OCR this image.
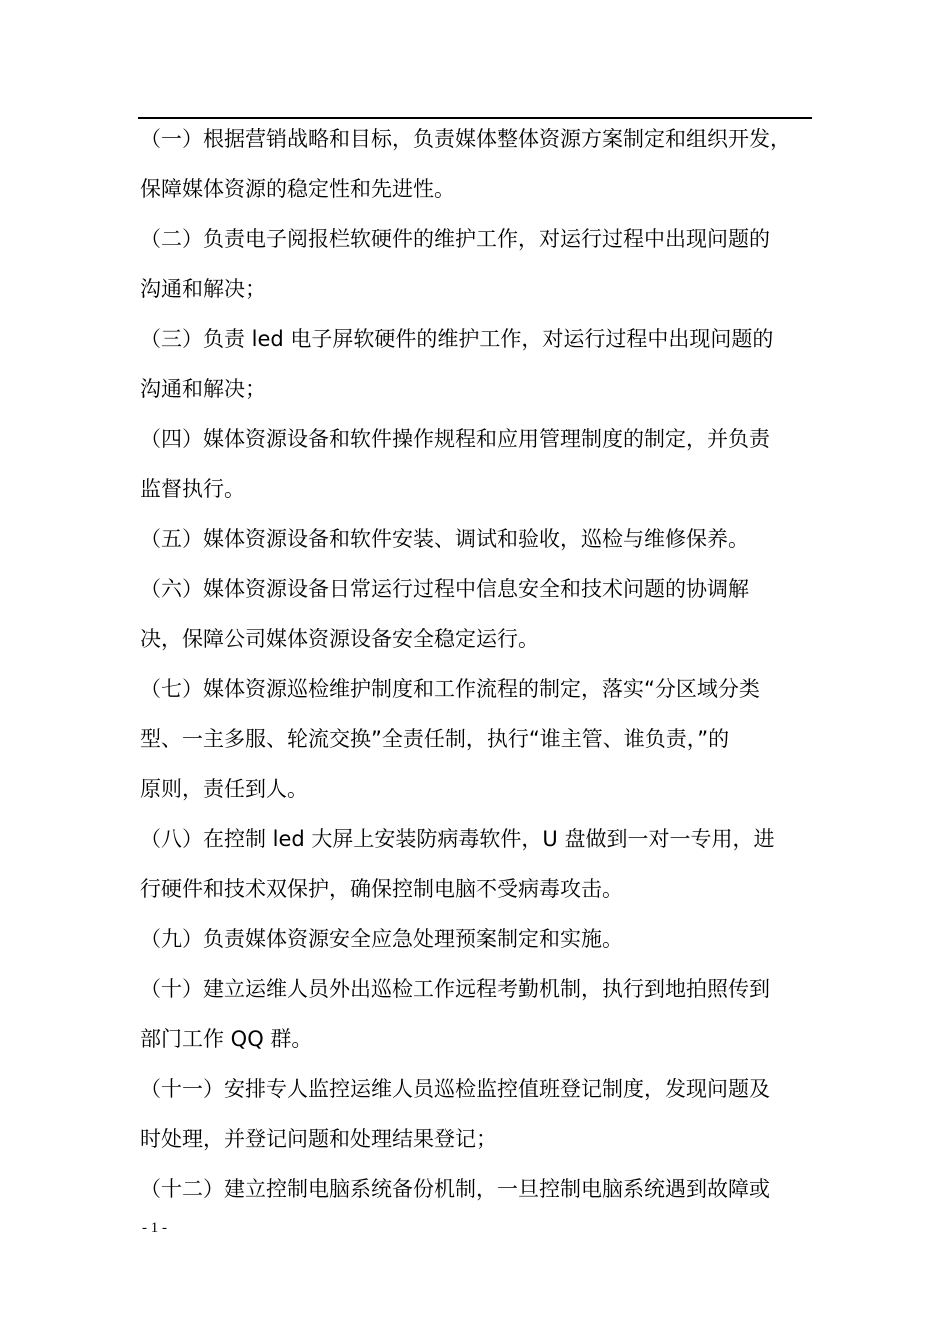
（一）根据营销战略和目标，负责媒体整体资源方案制定和组织开发，
保障媒体资源的稳定性和先进性。
（二）负责电子阅报栏软硬件的维护工作，对运行过程中出现问题的
沟通和解决；
（三）负责 led 电子屏软硬件的维护工作，对运行过程中出现问题的
沟通和解决；
（四）媒体资源设备和软件操作规程和应用管理制度的制定，并负责
监督执行。
（五）媒体资源设备和软件安装、调试和验收，巡检与维修保养。
（六）媒体资源设备日常运行过程中信息安全和技术问题的协调解
决，保障公司媒体资源设备安全稳定运行。
（七）媒体资源巡检维护制度和工作流程的制定，落实“分区域分类
型、一主多服、轮流交换”全责任制，执行“谁主管、谁负责，”的
原则，责任到人。
（八）在控制 led 大屏上安装防病毒软件，U 盘做到一对一专用，进
行硬件和技术双保护，确保控制电脑不受病毒攻击。
（九）负责媒体资源安全应急处理预案制定和实施。
（十）建立运维人员外出巡检工作远程考勤机制，执行到地拍照传到
部门工作 QQ 群。
（十一）安排专人监控运维人员巡检监控值班登记制度，发现问题及
时处理，并登记问题和处理结果登记；
（十二）建立控制电脑系统备份机制，一旦控制电脑系统遇到故障或
- 1 -
